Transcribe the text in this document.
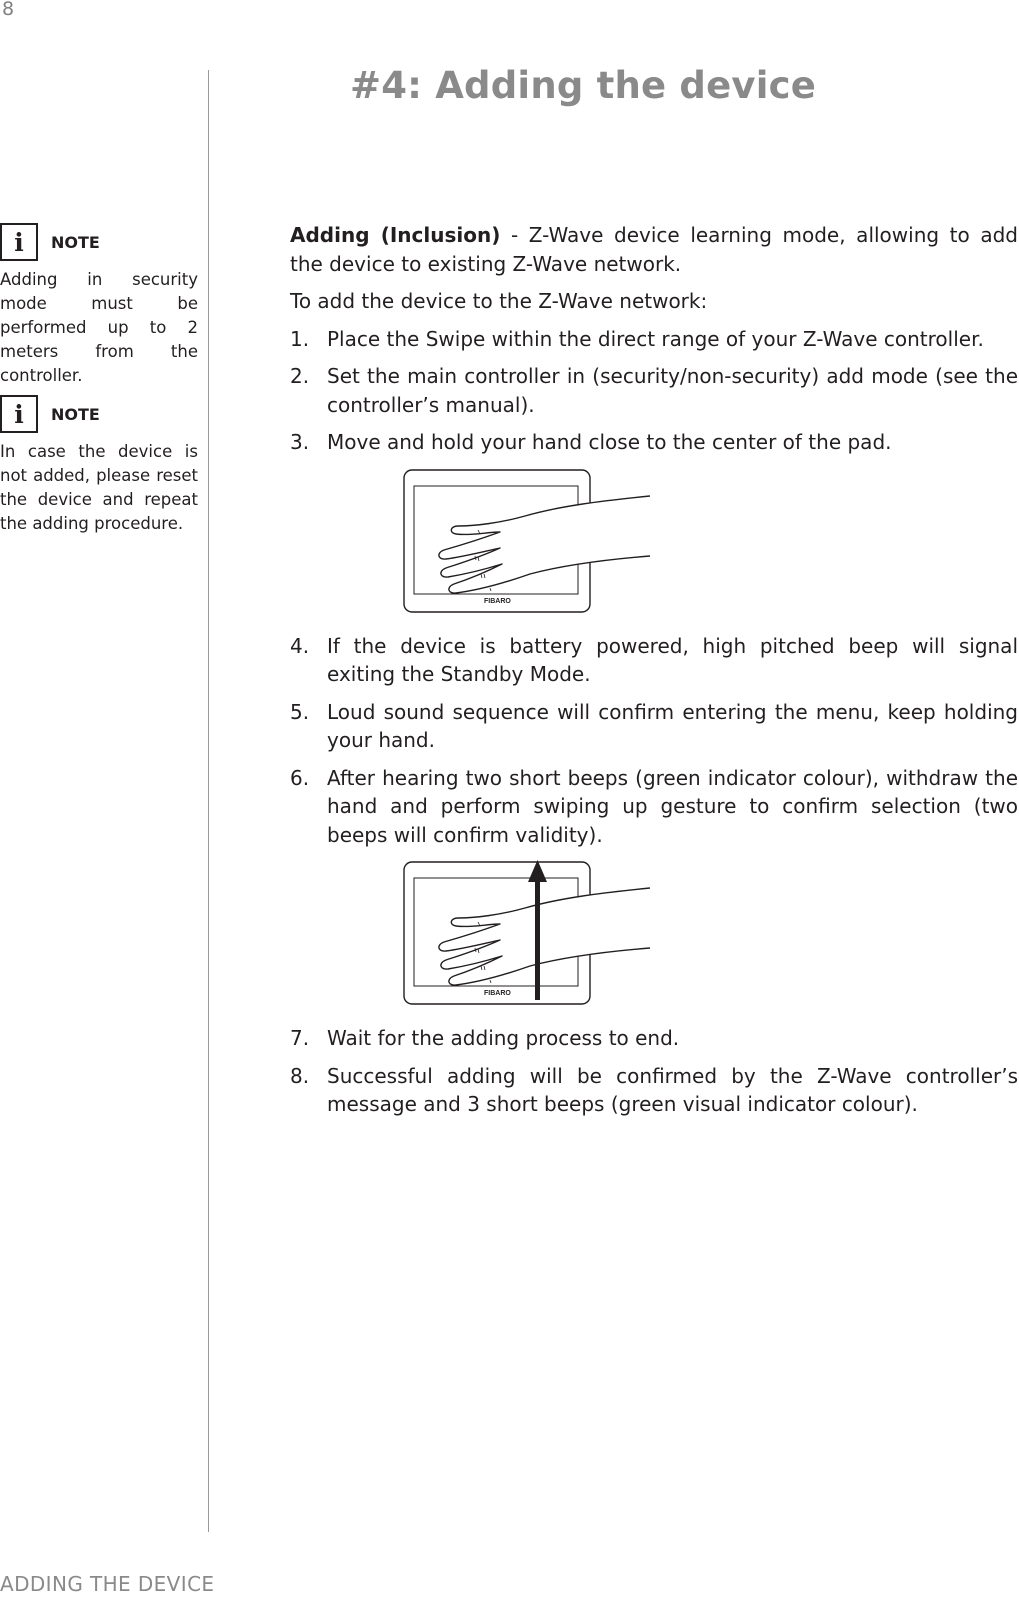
8
#4: Adding the device
i	NOTE

Adding in security mode must be performed up to 2 meters from the controller.

i	NOTE

In case the device is not added, please reset the device and repeat the adding procedure.

Adding (Inclusion) - Z-Wave device learning mode, allowing to add the device to existing Z-Wave network.

To add the device to the Z-Wave network:

1. Place the Swipe within the direct range of your Z-Wave controller.
2. Set the main controller in (security/non-security) add mode (see the controller’s manual).
3. Move and hold your hand close to the center of the pad.
FIBARO
4. If the device is battery powered, high pitched beep will signal exiting the Standby Mode.
5. Loud sound sequence will confirm entering the menu, keep holding your hand.
6. After hearing two short beeps (green indicator colour), withdraw the hand and perform swiping up gesture to confirm selection (two beeps will confirm validity).
FIBARO
7. Wait for the adding process to end.
8. Successful adding will be confirmed by the Z-Wave controller’s message and 3 short beeps (green visual indicator colour).
ADDING THE DEVICE
